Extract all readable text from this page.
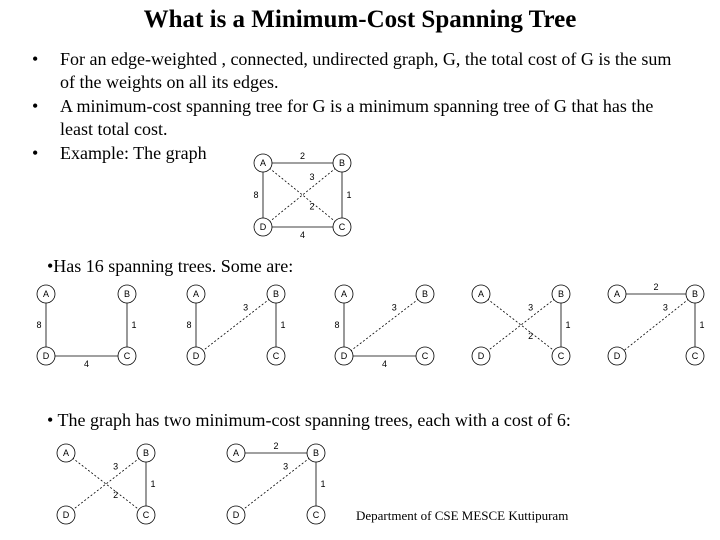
What is a Minimum-Cost Spanning Tree
• For an edge-weighted , connected, undirected graph, G, the total cost of G is the sum of the weights on all its edges.
• A minimum-cost spanning tree for G is a minimum spanning tree of G that has the least total cost.
• Example: The graph
•Has 16 spanning trees. Some are:
• The graph has two minimum-cost spanning trees, each with a cost of 6:
2
3
1
2
8
4
A	B
C
D
8
4
1
A	B
C
D
8
3
1
A	B
C
D
8
3
4
A	B
C
D
3
1
2
A	B
C
D
2
3
1
A	B
C
D
3
1
2
A	B
C
D
2
3
1
A	B
C
D	Department of CSE MESCE Kuttipuram
